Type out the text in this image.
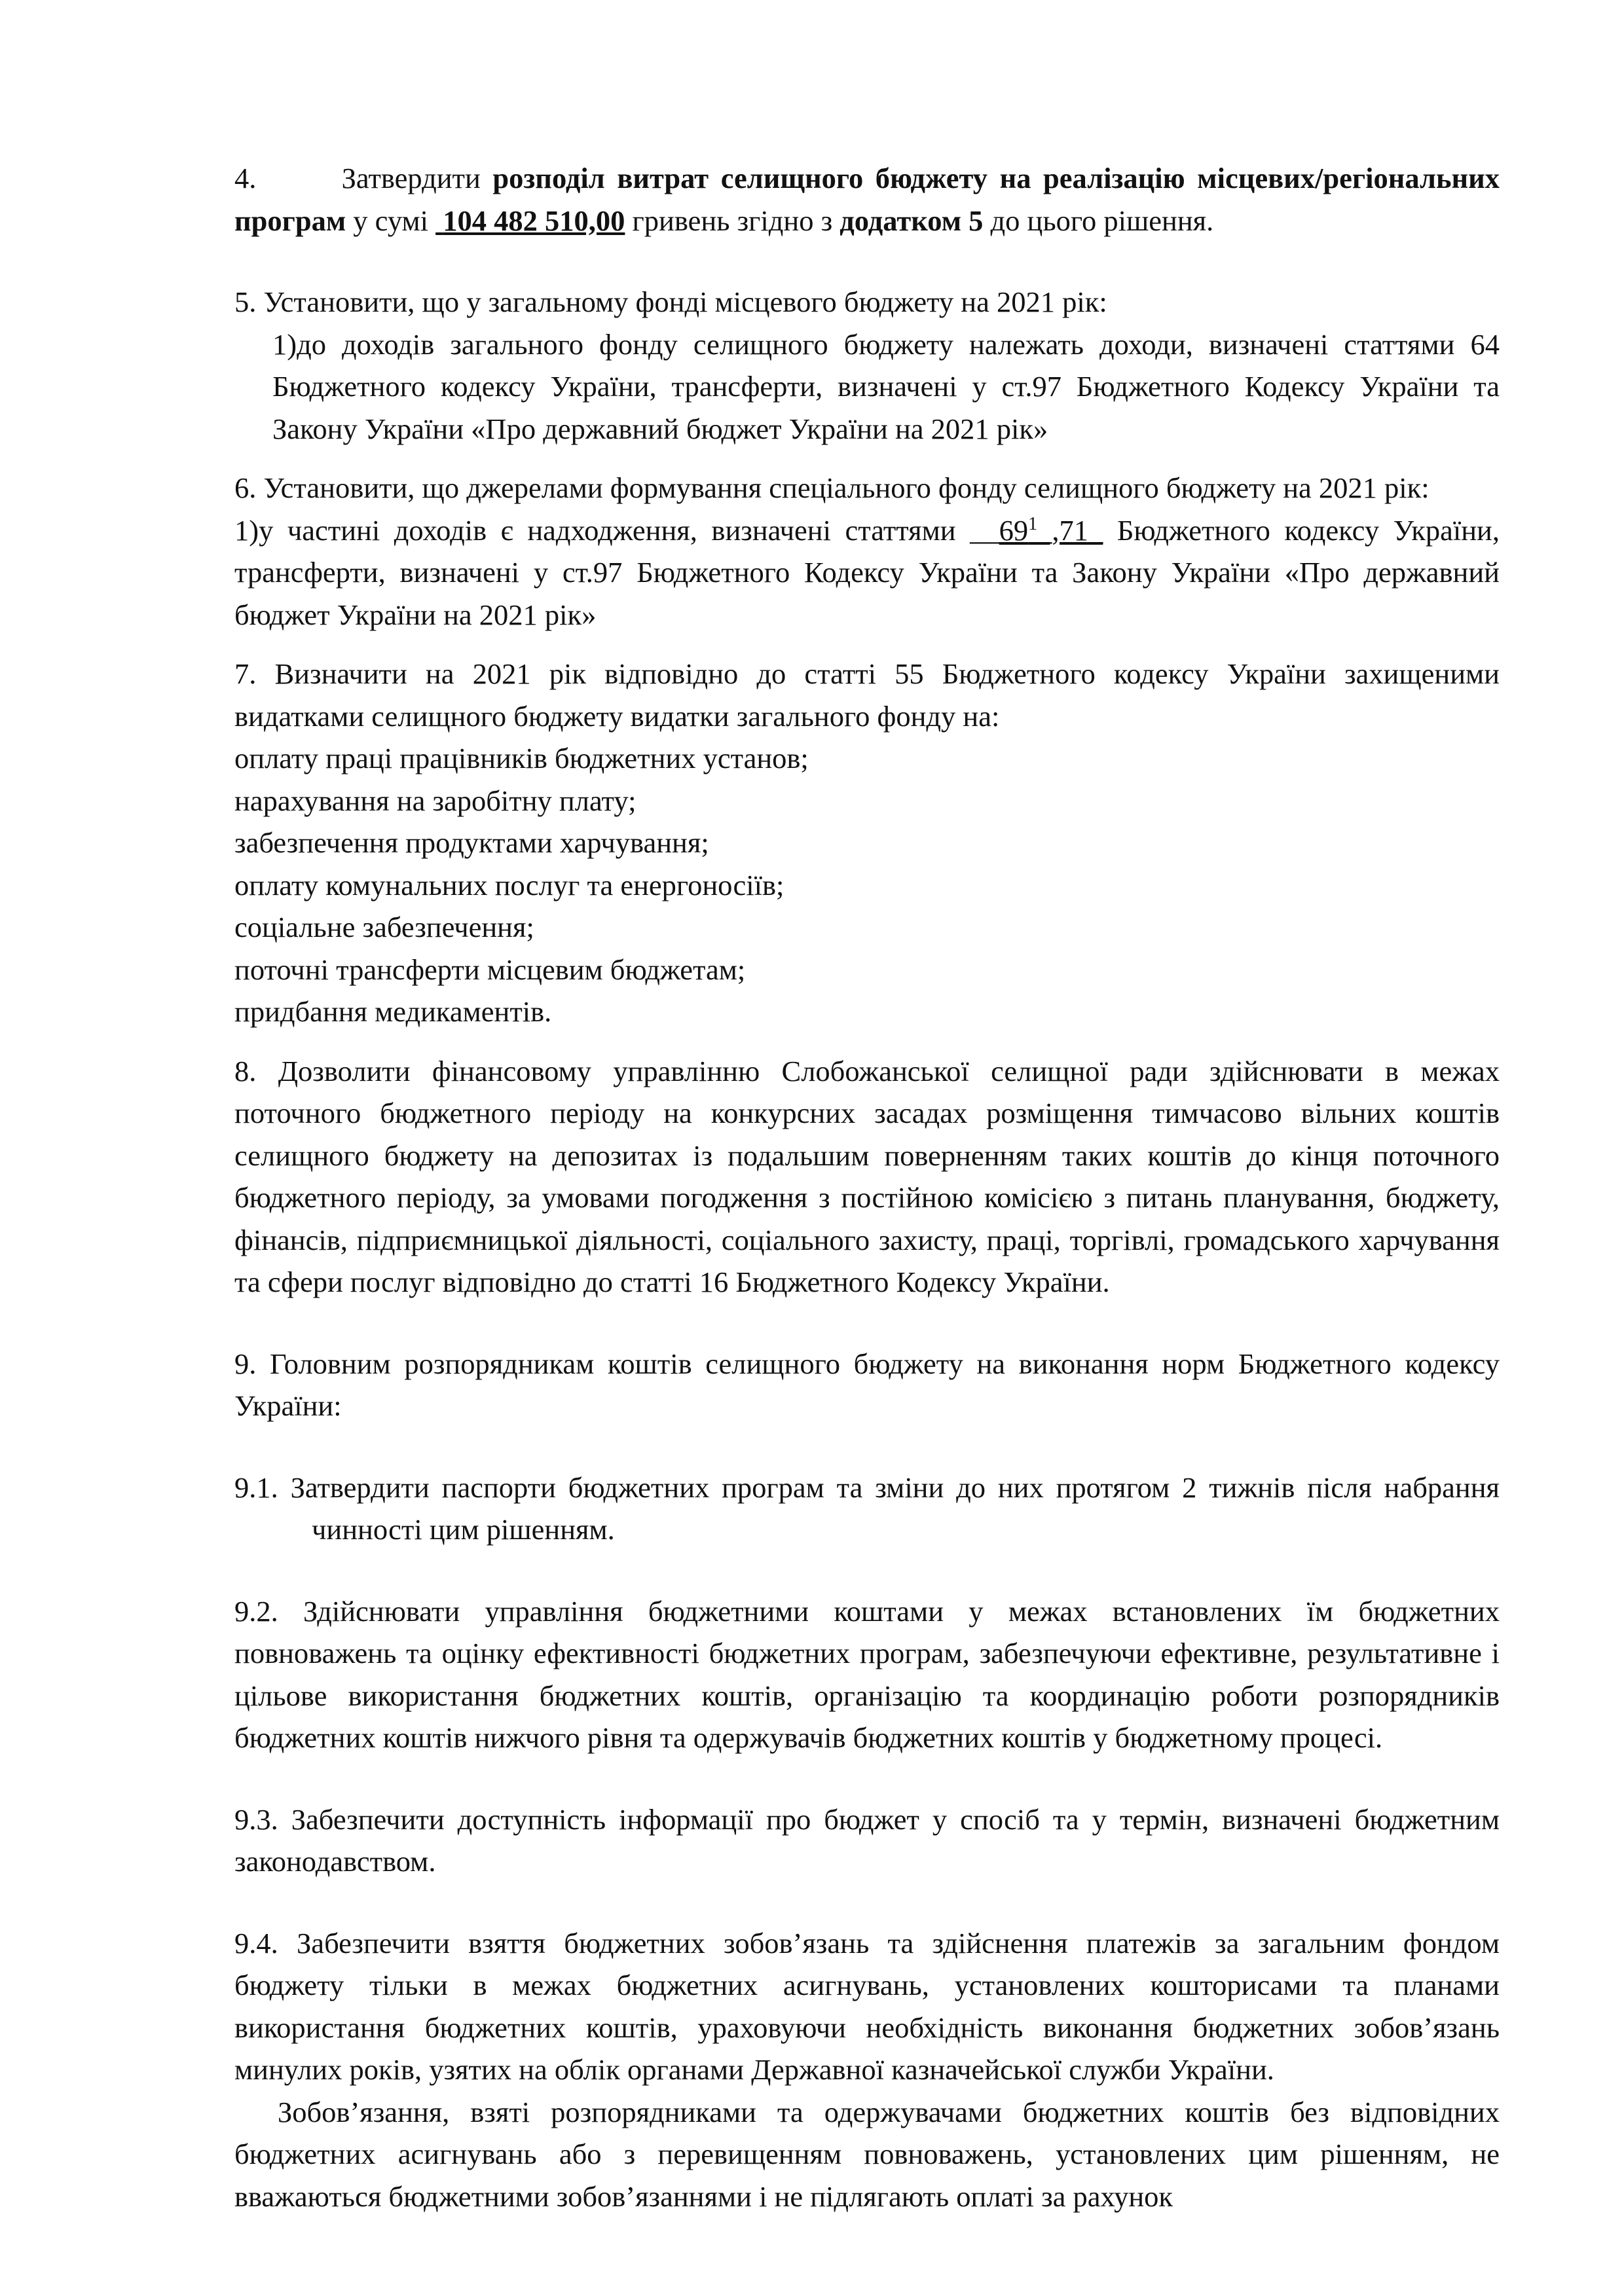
4.	Затвердити розподіл витрат селищного бюджету на реалізацію місцевих/регіональних програм у сумі 104 482 510,00 гривень згідно з додатком 5 до цього рішення.

5. Установити, що у загальному фонді місцевого бюджету на 2021 рік:

1)до доходів загального фонду селищного бюджету належать доходи, визначені статтями 64 Бюджетного кодексу України, трансферти, визначені у ст.97 Бюджетного Кодексу України та Закону України «Про державний бюджет України на 2021 рік»

6. Установити, що джерелами формування спеціального фонду селищного бюджету на 2021 рік:

1)у частині доходів є надходження, визначені статтями $\_\_69^1\_,71\_$ Бюджетного кодексу України, трансферти, визначені у ст.97 Бюджетного Кодексу України та Закону України «Про державний бюджет України на 2021 рік»

7. Визначити на 2021 рік відповідно до статті 55 Бюджетного кодексу України захищеними видатками селищного бюджету видатки загального фонду на:

оплату праці працівників бюджетних установ;

нарахування на заробітну плату;

забезпечення продуктами харчування;

оплату комунальних послуг та енергоносіїв;

соціальне забезпечення;

поточні трансферти місцевим бюджетам;

придбання медикаментів.

8. Дозволити фінансовому управлінню Слобожанської селищної ради здійснювати в межах поточного бюджетного періоду на конкурсних засадах розміщення тимчасово вільних коштів селищного бюджету на депозитах із подальшим поверненням таких коштів до кінця поточного бюджетного періоду, за умовами погодження з постійною комісією з питань планування, бюджету, фінансів, підприємницької діяльності, соціального захисту, праці, торгівлі, громадського харчування та сфери послуг відповідно до статті 16 Бюджетного Кодексу України.

9. Головним розпорядникам коштів селищного бюджету на виконання норм Бюджетного кодексу України:

9.1. Затвердити паспорти бюджетних програм та зміни до них протягом 2 тижнів після набрання чинності цим рішенням.

9.2. Здійснювати управління бюджетними коштами у межах встановлених їм бюджетних повноважень та оцінку ефективності бюджетних програм, забезпечуючи ефективне, результативне і цільове використання бюджетних коштів, організацію та координацію роботи розпорядників бюджетних коштів нижчого рівня та одержувачів бюджетних коштів у бюджетному процесі.

9.3. Забезпечити доступність інформації про бюджет у спосіб та у термін, визначені бюджетним законодавством.

9.4. Забезпечити взяття бюджетних зобов’язань та здійснення платежів за загальним фондом бюджету тільки в межах бюджетних асигнувань, установлених кошторисами та планами використання бюджетних коштів, ураховуючи необхідність виконання бюджетних зобов’язань минулих років, узятих на облік органами Державної казначейської служби України.

Зобов’язання, взяті розпорядниками та одержувачами бюджетних коштів без відповідних бюджетних асигнувань або з перевищенням повноважень, установлених цим рішенням, не вважаються бюджетними зобов’язаннями і не підлягають оплаті за рахунок
